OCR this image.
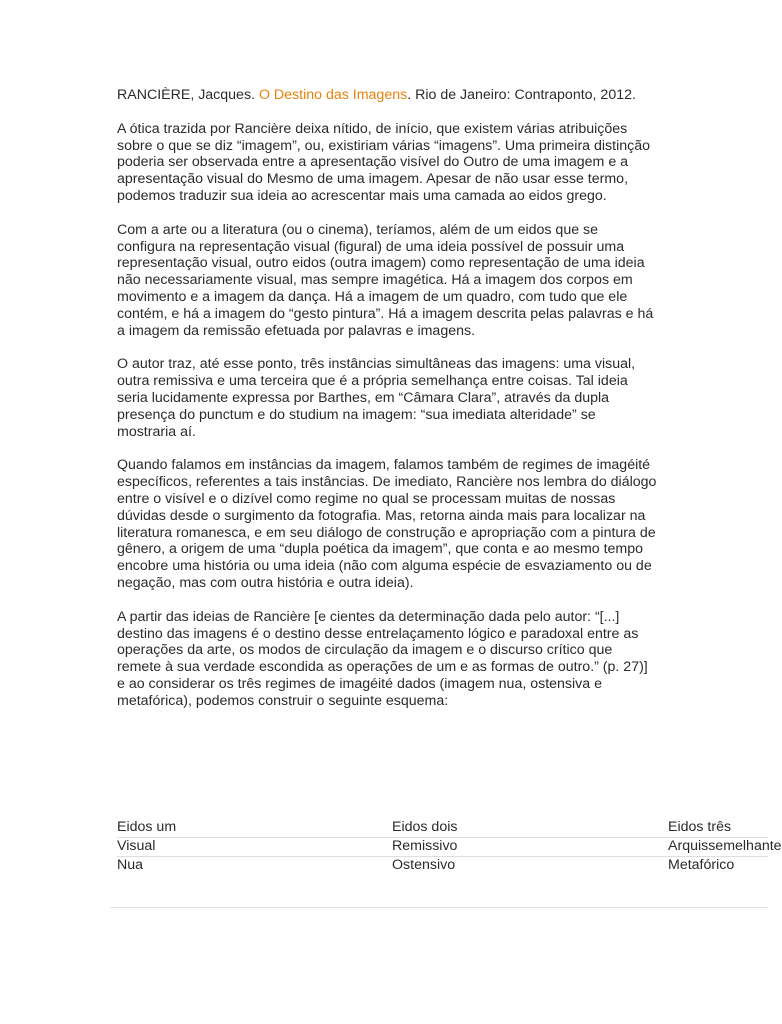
RANCIÈRE, Jacques. O Destino das Imagens. Rio de Janeiro: Contraponto, 2012.

A ótica trazida por Rancière deixa nítido, de início, que existem várias atribuições sobre o que se diz “imagem”, ou, existiriam várias “imagens”. Uma primeira distinção poderia ser observada entre a apresentação visível do Outro de uma imagem e a apresentação visual do Mesmo de uma imagem. Apesar de não usar esse termo, podemos traduzir sua ideia ao acrescentar mais uma camada ao eidos grego.

Com a arte ou a literatura (ou o cinema), teríamos, além de um eidos que se configura na representação visual (figural) de uma ideia possível de possuir uma representação visual, outro eidos (outra imagem) como representação de uma ideia não necessariamente visual, mas sempre imagética. Há a imagem dos corpos em movimento e a imagem da dança. Há a imagem de um quadro, com tudo que ele contém, e há a imagem do “gesto pintura”. Há a imagem descrita pelas palavras e há a imagem da remissão efetuada por palavras e imagens.

O autor traz, até esse ponto, três instâncias simultâneas das imagens: uma visual, outra remissiva e uma terceira que é a própria semelhança entre coisas. Tal ideia seria lucidamente expressa por Barthes, em “Câmara Clara”, através da dupla presença do punctum e do studium na imagem: “sua imediata alteridade” se mostraria aí.

Quando falamos em instâncias da imagem, falamos também de regimes de imagéité específicos, referentes a tais instâncias. De imediato, Rancière nos lembra do diálogo entre o visível e o dizível como regime no qual se processam muitas de nossas dúvidas desde o surgimento da fotografia. Mas, retorna ainda mais para localizar na literatura romanesca, e em seu diálogo de construção e apropriação com a pintura de gênero, a origem de uma “dupla poética da imagem”, que conta e ao mesmo tempo encobre uma história ou uma ideia (não com alguma espécie de esvaziamento ou de negação, mas com outra história e outra ideia).

A partir das ideias de Rancière [e cientes da determinação dada pelo autor: “[...] destino das imagens é o destino desse entrelaçamento lógico e paradoxal entre as operações da arte, os modos de circulação da imagem e o discurso crítico que remete à sua verdade escondida as operações de um e as formas de outro.” (p. 27)] e ao considerar os três regimes de imagéité dados (imagem nua, ostensiva e metafórica), podemos construir o seguinte esquema:

Eidos um	Eidos dois	Eidos três
Visual	Remissivo	Arquissemelhante
Nua	Ostensivo	Metafórico
